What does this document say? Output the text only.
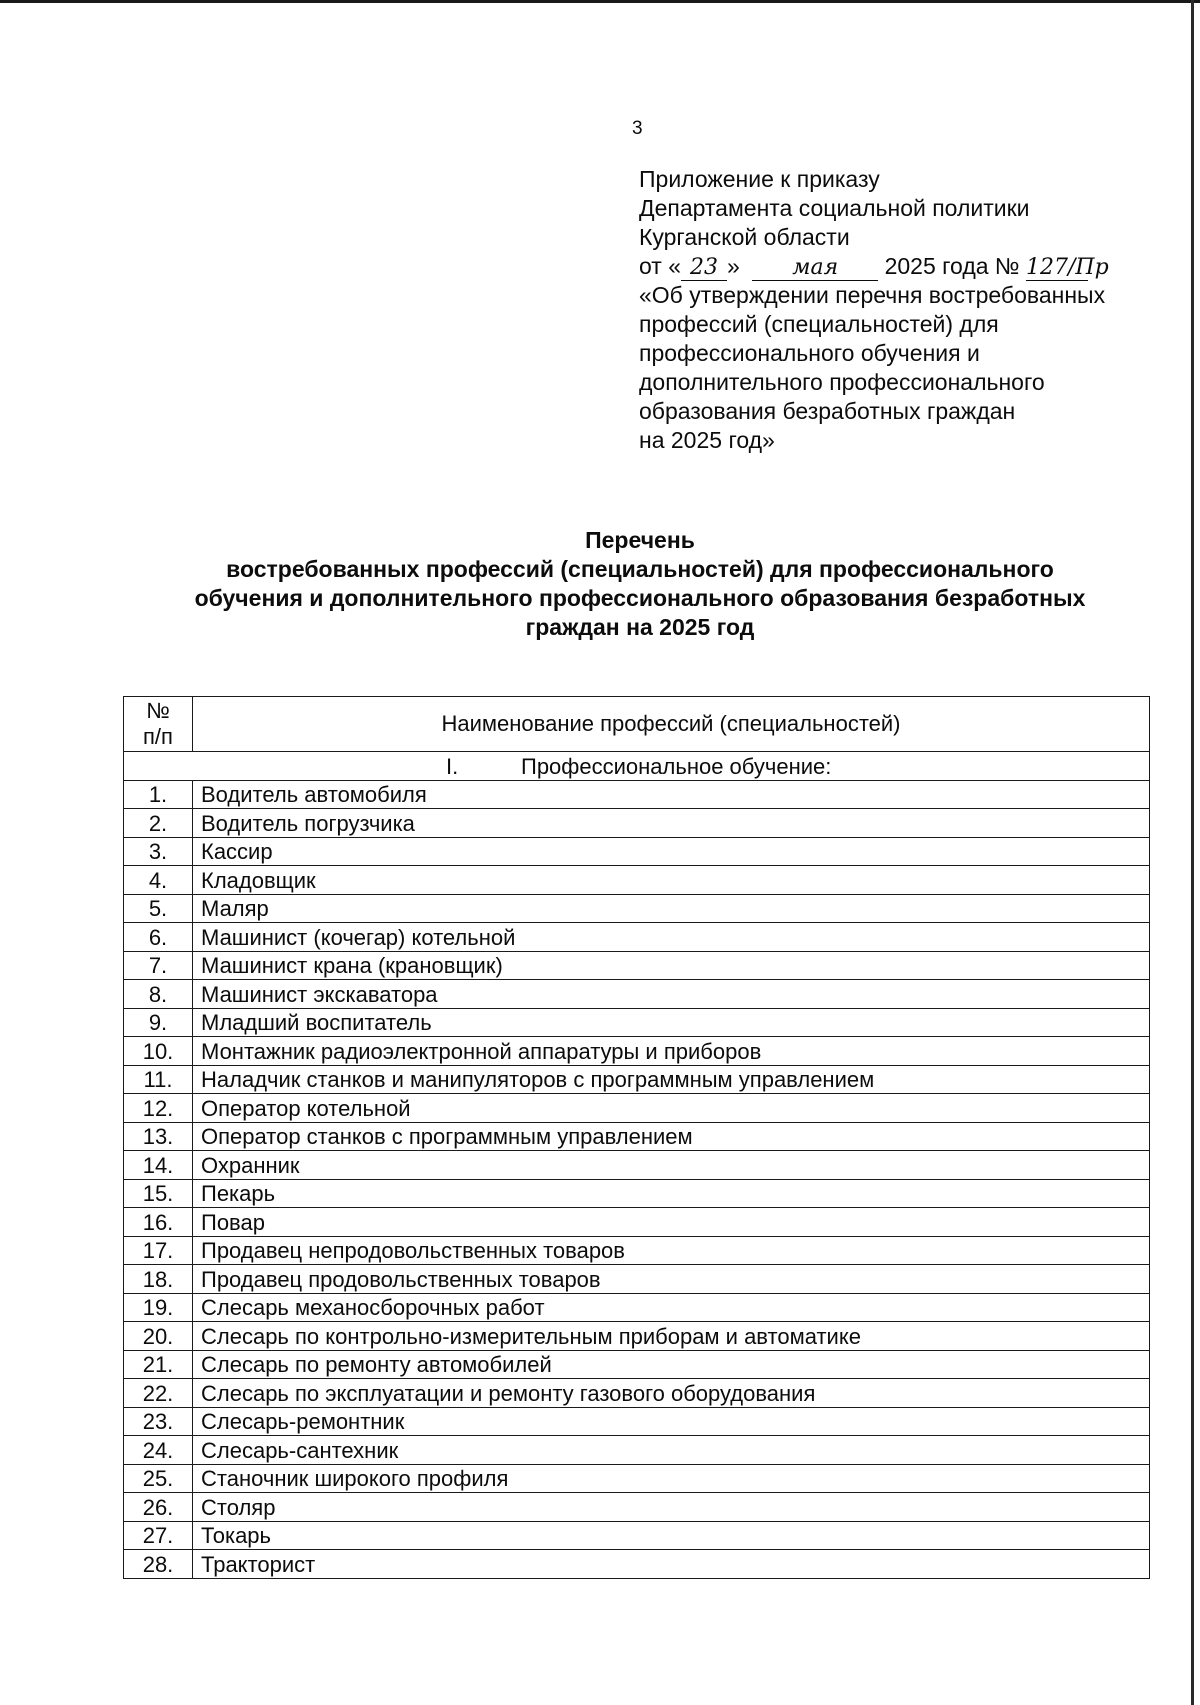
3
Приложение к приказу
Департамента социальной политики
Курганской области
от « 23 » мая 2025 года № 127/Пр
«Об утверждении перечня востребованных
профессий (специальностей) для
профессионального обучения и
дополнительного профессионального
образования безработных граждан
на 2025 год»
Перечень
востребованных профессий (специальностей) для профессионального
обучения и дополнительного профессионального образования безработных
граждан на 2025 год
№
п/п	Наименование профессий (специальностей)
I. Профессиональное обучение:	
1.	Водитель автомобиля
2.	Водитель погрузчика
3.	Кассир
4.	Кладовщик
5.	Маляр
6.	Машинист (кочегар) котельной
7.	Машинист крана (крановщик)
8.	Машинист экскаватора
9.	Младший воспитатель
10.	Монтажник радиоэлектронной аппаратуры и приборов
11.	Наладчик станков и манипуляторов с программным управлением
12.	Оператор котельной
13.	Оператор станков с программным управлением
14.	Охранник
15.	Пекарь
16.	Повар
17.	Продавец непродовольственных товаров
18.	Продавец продовольственных товаров
19.	Слесарь механосборочных работ
20.	Слесарь по контрольно-измерительным приборам и автоматике
21.	Слесарь по ремонту автомобилей
22.	Слесарь по эксплуатации и ремонту газового оборудования
23.	Слесарь-ремонтник
24.	Слесарь-сантехник
25.	Станочник широкого профиля
26.	Столяр
27.	Токарь
28.	Тракторист
